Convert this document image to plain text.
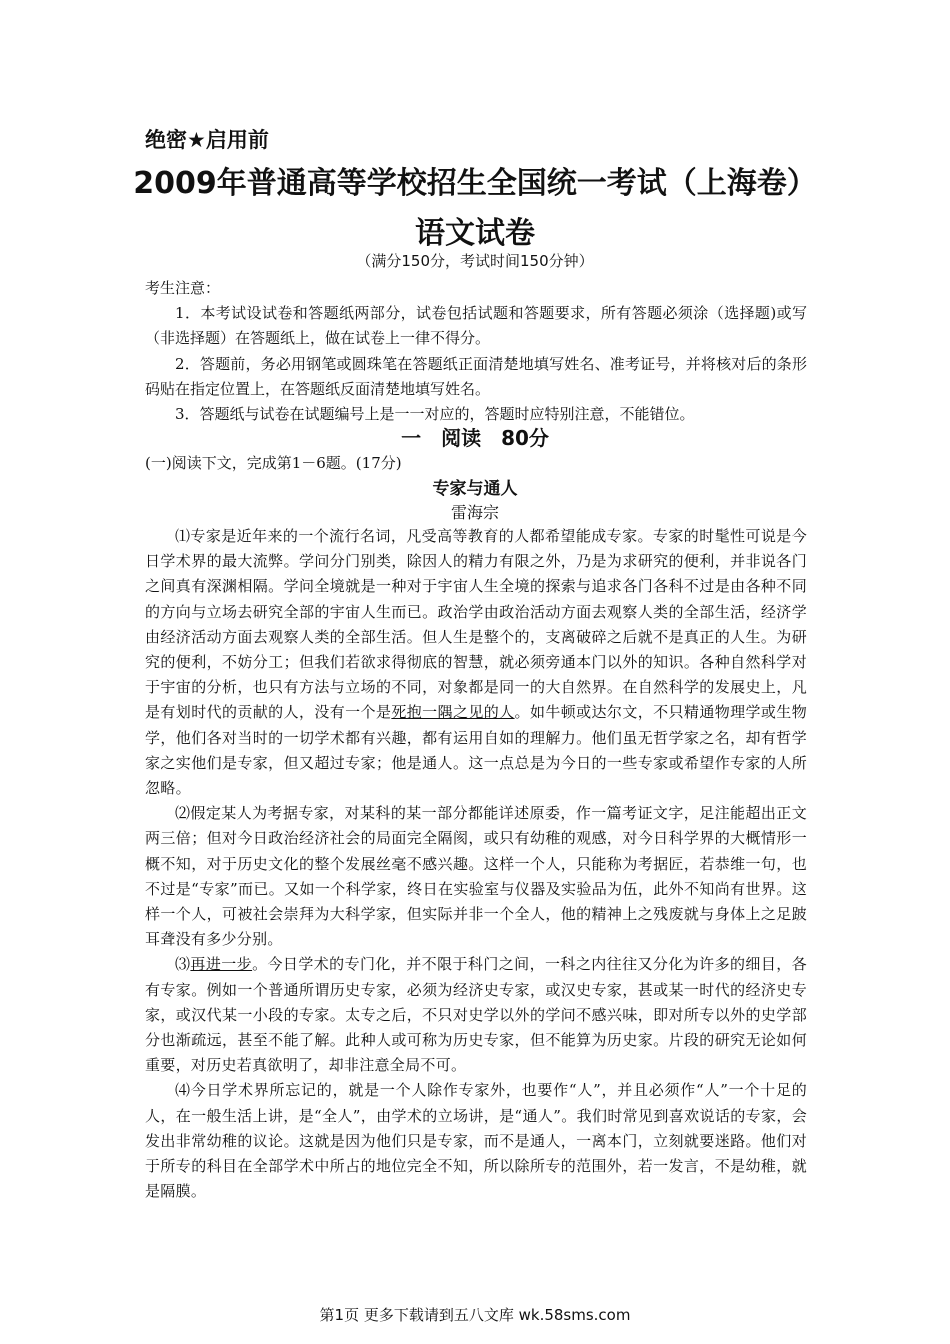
绝密★启用前
2009年普通高等学校招生全国统一考试（上海卷）
语文试卷
（满分150分，考试时间150分钟）

考生注意：

1．本考试设试卷和答题纸两部分，试卷包括试题和答题要求，所有答题必须涂（选择题)或写（非选择题）在答题纸上，做在试卷上一律不得分。

2．答题前，务必用钢笔或圆珠笔在答题纸正面清楚地填写姓名、准考证号，并将核对后的条形码贴在指定位置上，在答题纸反面清楚地填写姓名。

3．答题纸与试卷在试题编号上是一一对应的，答题时应特别注意，不能错位。

一　阅读　80分
(一)阅读下文，完成第1－6题。(17分)
专家与通人
雷海宗

⑴专家是近年来的一个流行名词，凡受高等教育的人都希望能成专家。专家的时髦性可说是今日学术界的最大流弊。学问分门别类，除因人的精力有限之外，乃是为求研究的便利，并非说各门之间真有深渊相隔。学问全境就是一种对于宇宙人生全境的探索与追求各门各科不过是由各种不同的方向与立场去研究全部的宇宙人生而已。政治学由政治活动方面去观察人类的全部生活，经济学由经济活动方面去观察人类的全部生活。但人生是整个的，支离破碎之后就不是真正的人生。为研究的便利，不妨分工；但我们若欲求得彻底的智慧，就必须旁通本门以外的知识。各种自然科学对于宇宙的分析，也只有方法与立场的不同，对象都是同一的大自然界。在自然科学的发展史上，凡是有划时代的贡献的人，没有一个是死抱一隅之见的人。如牛顿或达尔文，不只精通物理学或生物学，他们各对当时的一切学术都有兴趣，都有运用自如的理解力。他们虽无哲学家之名，却有哲学家之实他们是专家，但又超过专家；他是通人。这一点总是为今日的一些专家或希望作专家的人所忽略。

⑵假定某人为考据专家，对某科的某一部分都能详述原委，作一篇考证文字，足注能超出正文两三倍；但对今日政治经济社会的局面完全隔阂，或只有幼稚的观感，对今日科学界的大概情形一概不知，对于历史文化的整个发展丝毫不感兴趣。这样一个人，只能称为考据匠，若恭维一句，也不过是“专家”而已。又如一个科学家，终日在实验室与仪器及实验品为伍，此外不知尚有世界。这样一个人，可被社会崇拜为大科学家，但实际并非一个全人，他的精神上之残废就与身体上之足跛耳聋没有多少分别。

⑶再进一步。今日学术的专门化，并不限于科门之间，一科之内往往又分化为许多的细目，各有专家。例如一个普通所谓历史专家，必须为经济史专家，或汉史专家，甚或某一时代的经济史专家，或汉代某一小段的专家。太专之后，不只对史学以外的学问不感兴味，即对所专以外的史学部分也渐疏远，甚至不能了解。此种人或可称为历史专家，但不能算为历史家。片段的研究无论如何重要，对历史若真欲明了，却非注意全局不可。

⑷今日学术界所忘记的，就是一个人除作专家外，也要作“人”，并且必须作“人”一个十足的人，在一般生活上讲，是“全人”，由学术的立场讲，是“通人”。我们时常见到喜欢说话的专家，会发出非常幼稚的议论。这就是因为他们只是专家，而不是通人，一离本门，立刻就要迷路。他们对于所专的科目在全部学术中所占的地位完全不知，所以除所专的范围外，若一发言，不是幼稚，就是隔膜。

第1页 更多下载请到五八文库 wk.58sms.com
